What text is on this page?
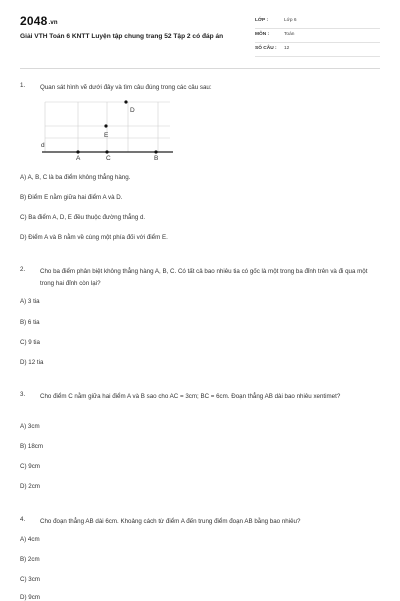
2048.vn
Giải VTH Toán 6 KNTT Luyện tập chung trang 52 Tập 2 có đáp án
LỚP :	Lớp 6
MÔN :	Toán
SỐ CÂU : 12
1. Quan sát hình vẽ dưới đây và tìm câu đúng trong các câu sau:
d
D
E
A	C	B
A) A, B, C là ba điểm không thẳng hàng.
B) Điểm E nằm giữa hai điểm A và D.
C) Ba điểm A, D, E đều thuộc đường thẳng d.
D) Điểm A và B nằm về cùng một phía đối với điểm E.
2. Cho ba điểm phân biệt không thẳng hàng A, B, C. Có tất cả bao nhiêu tia có gốc là một trong ba đỉnh trên và đi qua một trong hai đỉnh còn lại?
A) 3 tia
B) 6 tia
C) 9 tia
D) 12 tia
3. Cho điểm C nằm giữa hai điểm A và B sao cho AC = 3cm; BC = 6cm. Đoạn thẳng AB dài bao nhiêu xentimet?
A) 3cm
B) 18cm
C) 9cm
D) 2cm
4. Cho đoạn thẳng AB dài 6cm. Khoảng cách từ điểm A đến trung điểm đoạn AB bằng bao nhiêu?
A) 4cm
B) 2cm
C) 3cm
D) 9cm
